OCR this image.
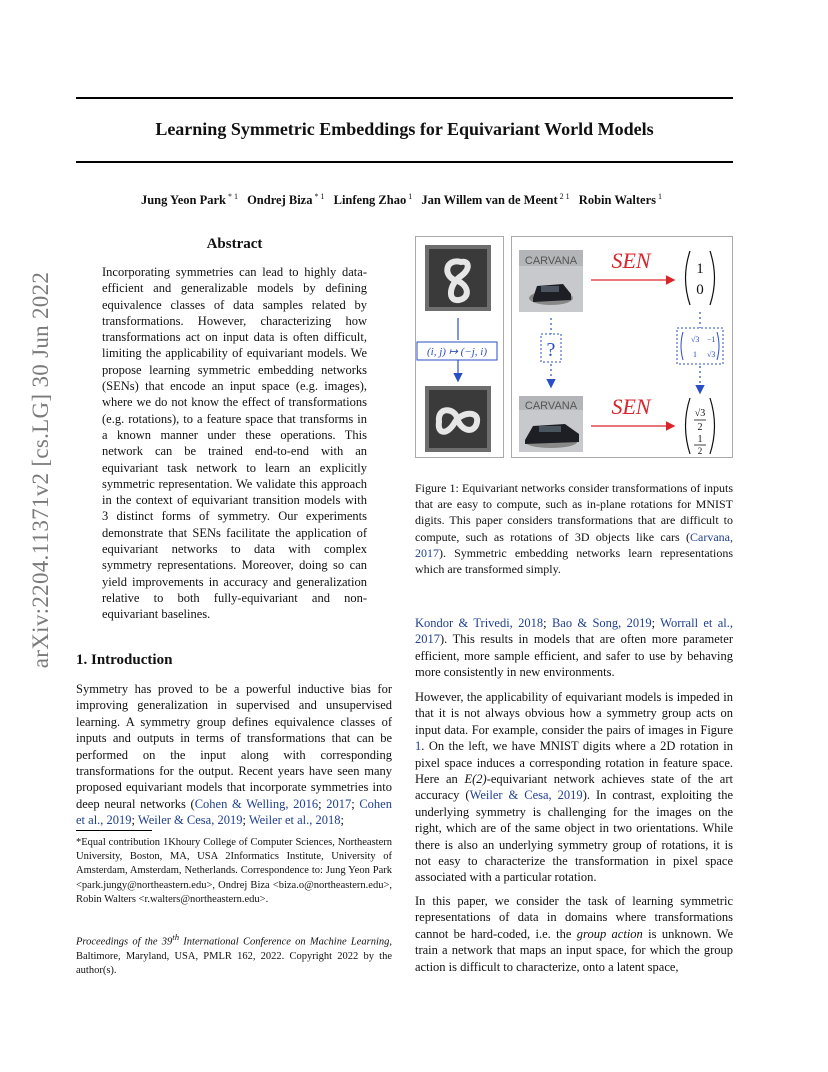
arXiv:2204.11371v2 [cs.LG] 30 Jun 2022
Learning Symmetric Embeddings for Equivariant World Models
Jung Yeon Park $^{* 1}$ Ondrej Biza $^{* 1}$ Linfeng Zhao $^1$ Jan Willem van de Meent $^{2 1}$ Robin Walters $^1$
Abstract
Incorporating symmetries can lead to highly data-efficient and generalizable models by defining equivalence classes of data samples related by transformations. However, characterizing how transformations act on input data is often difficult, limiting the applicability of equivariant models. We propose learning symmetric embedding networks (SENs) that encode an input space (e.g. images), where we do not know the effect of transformations (e.g. rotations), to a feature space that transforms in a known manner under these operations. This network can be trained end-to-end with an equivariant task network to learn an explicitly symmetric representation. We validate this approach in the context of equivariant transition models with 3 distinct forms of symmetry. Our experiments demonstrate that SENs facilitate the application of equivariant networks to data with complex symmetry representations. Moreover, doing so can yield improvements in accuracy and generalization relative to both fully-equivariant and non-equivariant baselines.
1. Introduction
Symmetry has proved to be a powerful inductive bias for improving generalization in supervised and unsupervised learning. A symmetry group defines equivalence classes of inputs and outputs in terms of transformations that can be performed on the input along with corresponding transformations for the output. Recent years have seen many proposed equivariant models that incorporate symmetries into deep neural networks (Cohen & Welling, 2016; 2017; Cohen et al., 2019; Weiler & Cesa, 2019; Weiler et al., 2018;
*Equal contribution 1Khoury College of Computer Sciences, Northeastern University, Boston, MA, USA 2Informatics Institute, University of Amsterdam, Amsterdam, Netherlands. Correspondence to: Jung Yeon Park <park.jungy@northeastern.edu>, Ondrej Biza <biza.o@northeastern.edu>, Robin Walters <r.walters@northeastern.edu>.
Proceedings of the 39th International Conference on Machine Learning, Baltimore, Maryland, USA, PMLR 162, 2022. Copyright 2022 by the author(s).
(i, j) ↦ (−j, i)
CARVANA
CARVANA
?
SEN
SEN
1
0
√3 −1
1 √3
√3
2
1
2
Figure 1: Equivariant networks consider transformations of inputs that are easy to compute, such as in-plane rotations for MNIST digits. This paper considers transformations that are difficult to compute, such as rotations of 3D objects like cars (Carvana, 2017). Symmetric embedding networks learn representations which are transformed simply.
Kondor & Trivedi, 2018; Bao & Song, 2019; Worrall et al., 2017). This results in models that are often more parameter efficient, more sample efficient, and safer to use by behaving more consistently in new environments.
However, the applicability of equivariant models is impeded in that it is not always obvious how a symmetry group acts on input data. For example, consider the pairs of images in Figure 1. On the left, we have MNIST digits where a 2D rotation in pixel space induces a corresponding rotation in feature space. Here an E(2)-equivariant network achieves state of the art accuracy (Weiler & Cesa, 2019). In contrast, exploiting the underlying symmetry is challenging for the images on the right, which are of the same object in two orientations. While there is also an underlying symmetry group of rotations, it is not easy to characterize the transformation in pixel space associated with a particular rotation.
In this paper, we consider the task of learning symmetric representations of data in domains where transformations cannot be hard-coded, i.e. the group action is unknown. We train a network that maps an input space, for which the group action is difficult to characterize, onto a latent space,
